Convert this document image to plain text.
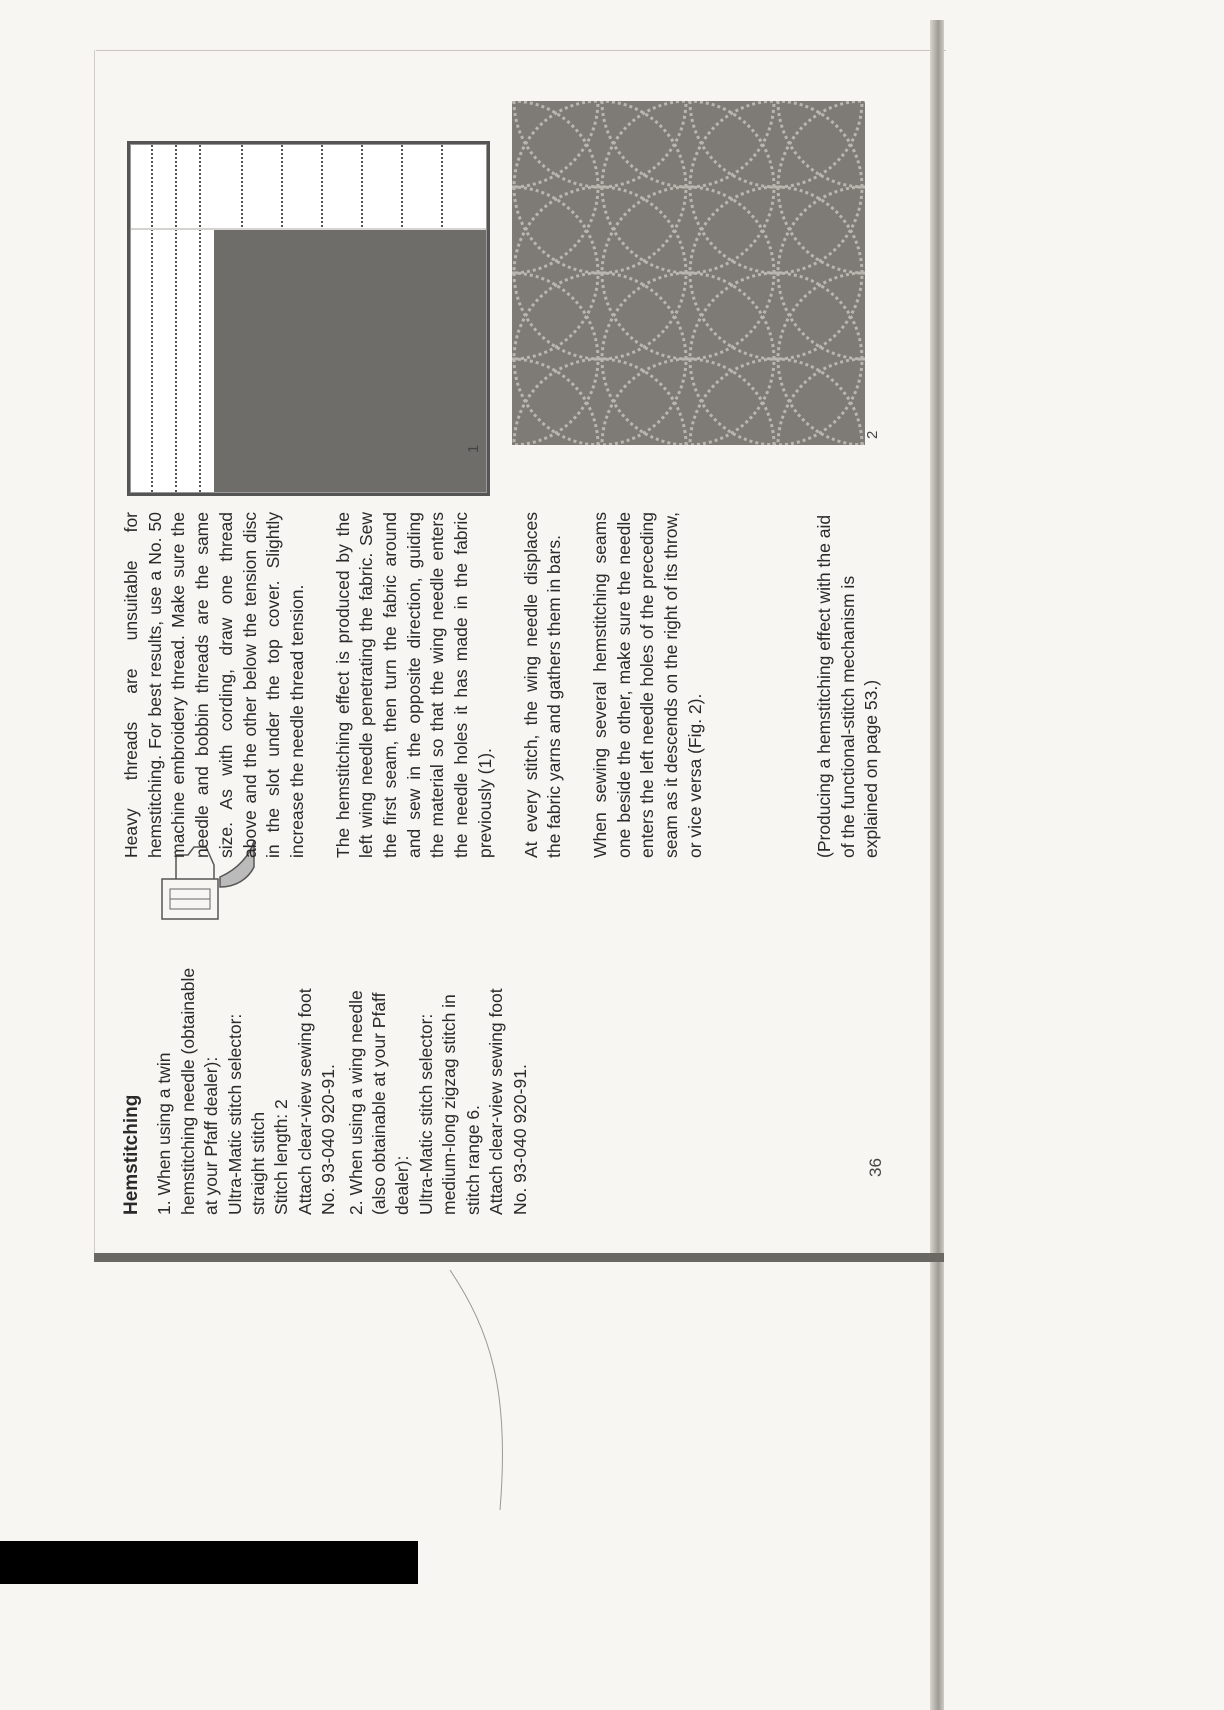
Hemstitching 1. When using a twin hemstitching needle (obtainable at your Pfaff dealer): Ultra-Matic stitch selector: straight stitch Stitch length: 2 Attach clear-view sewing foot No. 93-040 920-91. 2. When using a wing needle (also obtainable at your Pfaff dealer): Ultra-Matic stitch selector: medium-long zigzag stitch in stitch range 6. Attach clear-view sewing foot No. 93-040 920-91.

Heavy threads are unsuitable for hemstitching. For best results, use a No. 50 machine embroidery thread. Make sure the needle and bobbin threads are the same size. As with cording, draw one thread above and the other below the tension disc in the slot under the top cover. Slightly increase the needle thread tension. The hemstitching effect is produced by the left wing needle penetrating the fabric. Sew the first seam, then turn the fabric around and sew in the opposite direction, guiding the material so that the wing needle enters the needle holes it has made in the fabric previously (1). At every stitch, the wing needle displaces the fabric yarns and gathers them in bars. When sewing several hemstitching seams one beside the other, make sure the needle enters the left needle holes of the preceding seam as it descends on the right of its throw, or vice versa (Fig. 2).	(Producing a hemstitching effect with the aid of the functional-stitch mechanism is explained on page 53.)
1
2
36
